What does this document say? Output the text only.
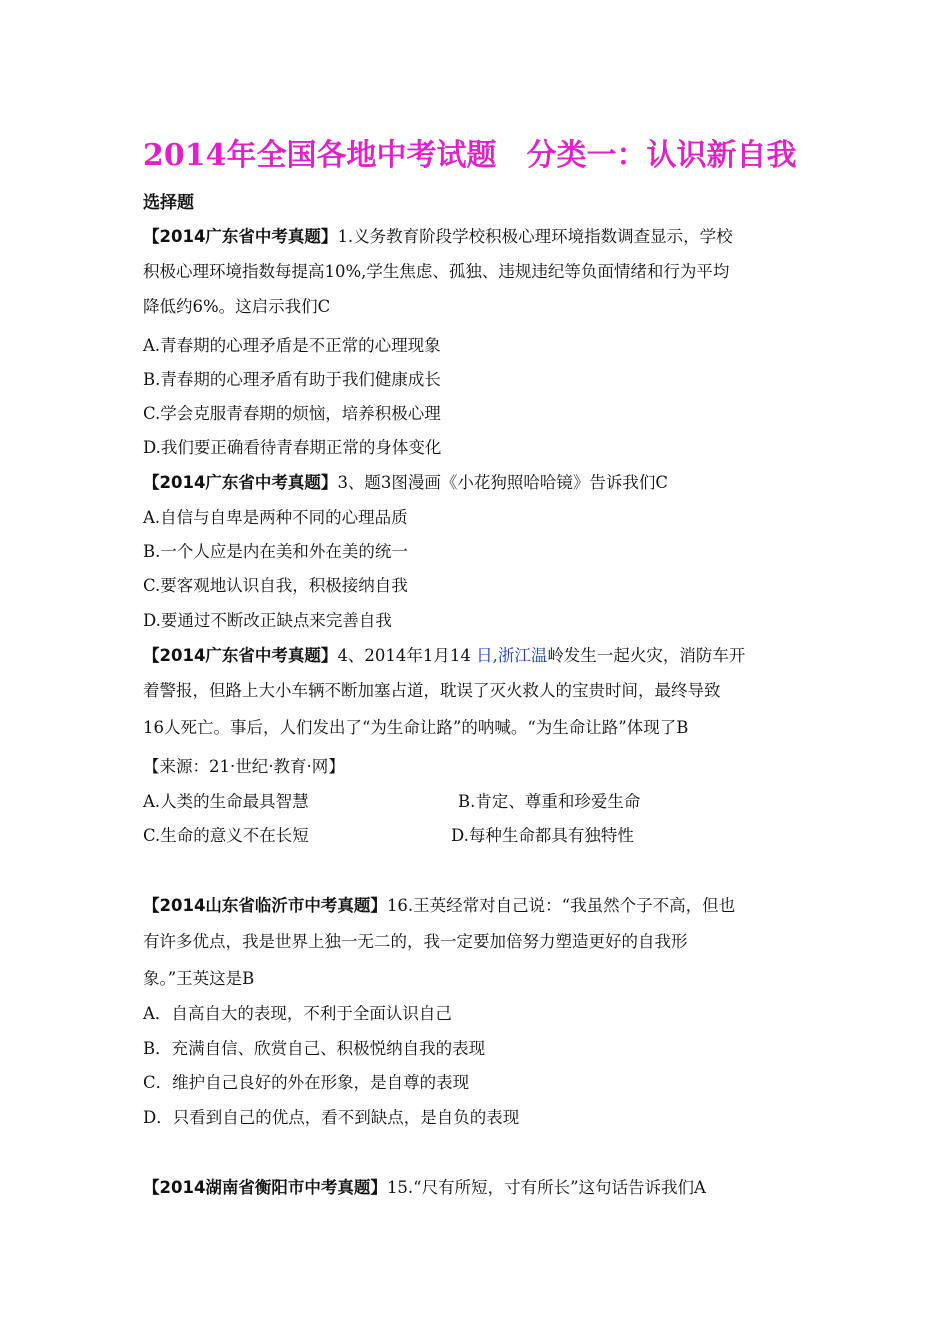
2014年全国各地中考试题 分类一：认识新自我
选择题
【2014广东省中考真题】1.义务教育阶段学校积极心理环境指数调查显示，学校
积极心理环境指数每提高10%,学生焦虑、孤独、违规违纪等负面情绪和行为平均
降低约6%。这启示我们C
A.青春期的心理矛盾是不正常的心理现象
B.青春期的心理矛盾有助于我们健康成长
C.学会克服青春期的烦恼，培养积极心理
D.我们要正确看待青春期正常的身体变化
【2014广东省中考真题】3、题3图漫画《小花狗照哈哈镜》告诉我们C
A.自信与自卑是两种不同的心理品质
B.一个人应是内在美和外在美的统一
C.要客观地认识自我，积极接纳自我
D.要通过不断改正缺点来完善自我
【2014广东省中考真题】4、2014年1月14 日,浙江温岭发生一起火灾，消防车开
着警报，但路上大小车辆不断加塞占道，耽误了灭火救人的宝贵时间，最终导致
16人死亡。事后，人们发出了“为生命让路”的呐喊。“为生命让路”体现了B
【来源：21·世纪·教育·网】
A.人类的生命最具智慧	B.肯定、尊重和珍爱生命
C.生命的意义不在长短	D.每种生命都具有独特性
【2014山东省临沂市中考真题】16.王英经常对自己说：“我虽然个子不高，但也
有许多优点，我是世界上独一无二的，我一定要加倍努力塑造更好的自我形
象。”王英这是B
A．自高自大的表现，不利于全面认识自己
B．充满自信、欣赏自己、积极悦纳自我的表现
C．维护自己良好的外在形象，是自尊的表现
D．只看到自己的优点，看不到缺点，是自负的表现
【2014湖南省衡阳市中考真题】15.“尺有所短，寸有所长”这句话告诉我们A
